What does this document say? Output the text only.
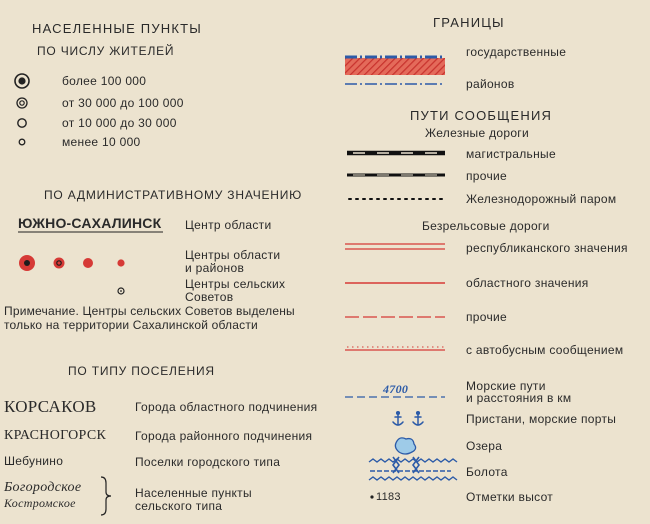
НАСЕЛЕННЫЕ ПУНКТЫ
ПО ЧИСЛУ ЖИТЕЛЕЙ
более 100 000
от 30 000 до 100 000
от 10 000 до 30 000
менее 10 000
ПО АДМИНИСТРАТИВНОМУ ЗНАЧЕНИЮ
ЮЖНО-САХАЛИНСК Центр области
Центры области
и районов
Центры сельских
Советов
Примечание. Центры сельских Советов выделены
только на территории Сахалинской области
ПО ТИПУ ПОСЕЛЕНИЯ
КОРСАКОВ	Города областного подчинения
КРАСНОГОРСК Города районного подчинения
Шебунино	Поселки городского типа
Богородское
Костромское
Населенные пункты
сельского типа
ГРАНИЦЫ
государственные
районов
ПУТИ СООБЩЕНИЯ
Железные дороги
магистральные
прочие
Железнодорожный паром
Безрельсовые дороги
республиканского значения
областного значения
прочие
с автобусным сообщением
4700	Морские пути
и расстояния в км
Пристани, морские порты
Озера
Болота
1183	Отметки высот
